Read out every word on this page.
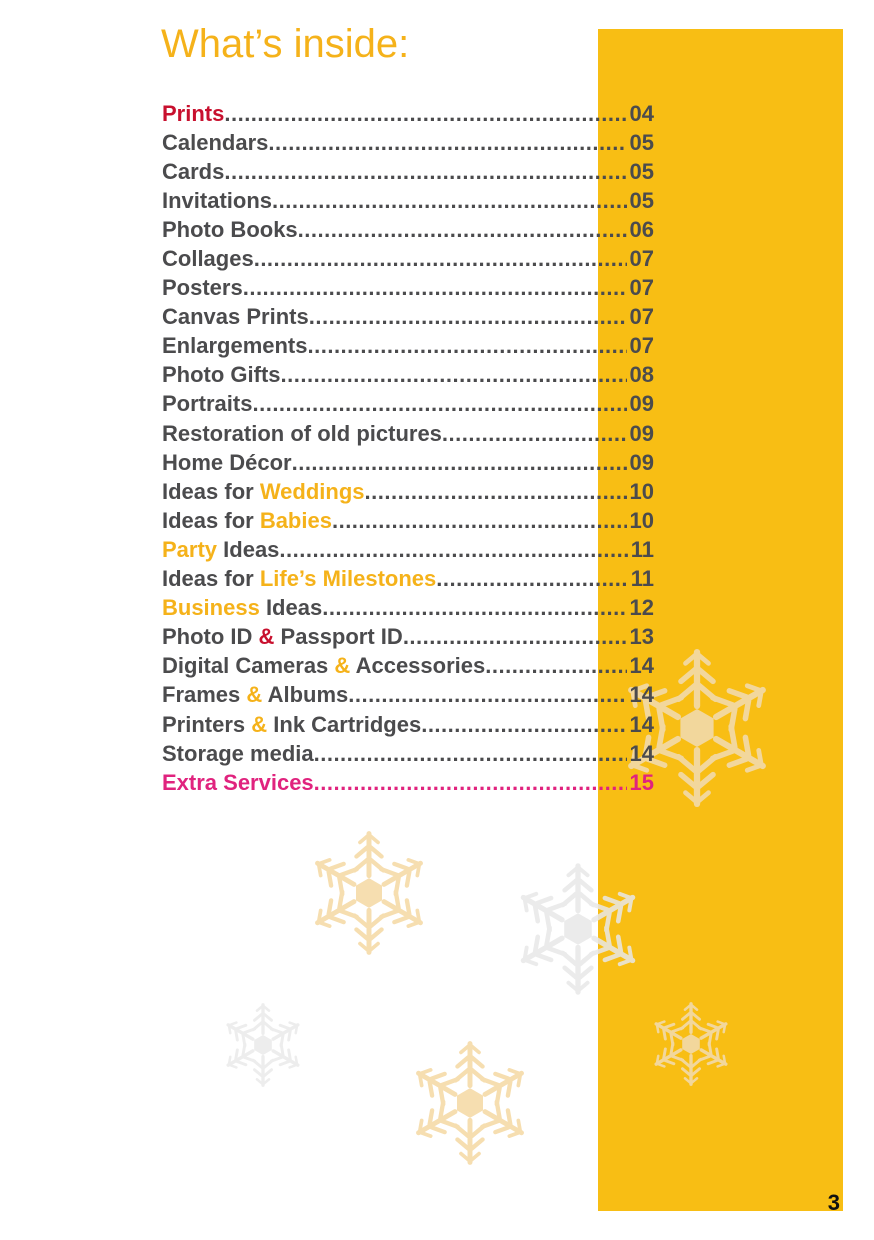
What’s inside:
Prints .....	04
Calendars .....	05
Cards .....	05
Invitations .....	05
Photo Books .....	06
Collages .....	07
Posters .....	07
Canvas Prints .....	07
Enlargements .....	07
Photo Gifts .....	08
Portraits .....	09
Restoration of old pictures .....	09
Home Décor .....	09
Ideas for Weddings .....	10
Ideas for Babies .....	10
Party Ideas .....	11
Ideas for Life’s Milestones .....	11
Business Ideas .....	12
Photo ID & Passport ID .....	13
Digital Cameras & Accessories .....	14
Frames & Albums .....	14
Printers & Ink Cartridges .....	14
Storage media .....	14
Extra Services .....	15
3
